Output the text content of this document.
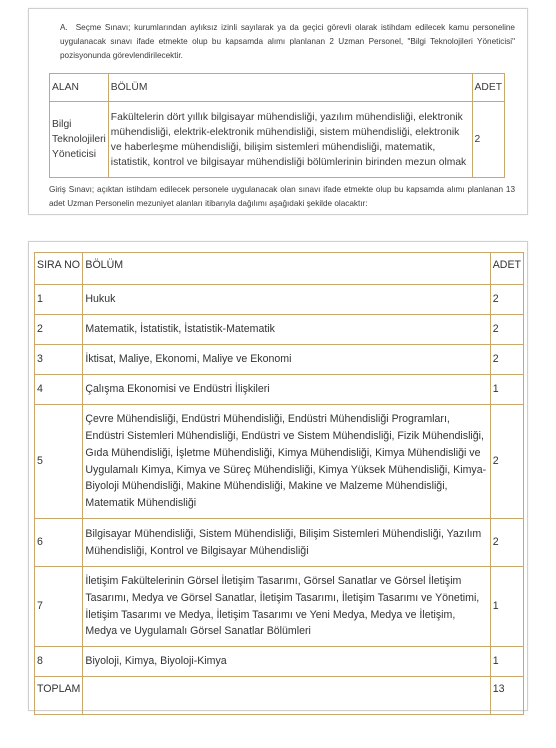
A. Seçme Sınavı; kurumlarından aylıksız izinli sayılarak ya da geçici görevli olarak istihdam edilecek kamu personeline uygulanacak sınavı ifade etmekte olup bu kapsamda alımı planlanan 2 Uzman Personel, "Bilgi Teknolojileri Yöneticisi" pozisyonunda görevlendirilecektir.

ALAN	BÖLÜM	ADET
Bilgi Teknolojileri Yöneticisi	Fakültelerin dört yıllık bilgisayar mühendisliği, yazılım mühendisliği, elektronik mühendisliği, elektrik-elektronik mühendisliği, sistem mühendisliği, elektronik ve haberleşme mühendisliği, bilişim sistemleri mühendisliği, matematik, istatistik, kontrol ve bilgisayar mühendisliği bölümlerinin birinden mezun olmak	2

Giriş Sınavı; açıktan istihdam edilecek personele uygulanacak olan sınavı ifade etmekte olup bu kapsamda alımı planlanan 13 adet Uzman Personelin mezuniyet alanları itibarıyla dağılımı aşağıdaki şekilde olacaktır:

SIRA NO	BÖLÜM	ADET
1	Hukuk	2
2	Matematik, İstatistik, İstatistik-Matematik	2
3	İktisat, Maliye, Ekonomi, Maliye ve Ekonomi	2
4	Çalışma Ekonomisi ve Endüstri İlişkileri	1
5	Çevre Mühendisliği, Endüstri Mühendisliği, Endüstri Mühendisliği Programları, Endüstri Sistemleri Mühendisliği, Endüstri ve Sistem Mühendisliği, Fizik Mühendisliği, Gıda Mühendisliği, İşletme Mühendisliği, Kimya Mühendisliği, Kimya Mühendisliği ve Uygulamalı Kimya, Kimya ve Süreç Mühendisliği, Kimya Yüksek Mühendisliği, Kimya-Biyoloji Mühendisliği, Makine Mühendisliği, Makine ve Malzeme Mühendisliği, Matematik Mühendisliği	2
6	Bilgisayar Mühendisliği, Sistem Mühendisliği, Bilişim Sistemleri Mühendisliği, Yazılım Mühendisliği, Kontrol ve Bilgisayar Mühendisliği	2
7	İletişim Fakültelerinin Görsel İletişim Tasarımı, Görsel Sanatlar ve Görsel İletişim Tasarımı, Medya ve Görsel Sanatlar, İletişim Tasarımı, İletişim Tasarımı ve Yönetimi, İletişim Tasarımı ve Medya, İletişim Tasarımı ve Yeni Medya, Medya ve İletişim, Medya ve Uygulamalı Görsel Sanatlar Bölümleri	1
8	Biyoloji, Kimya, Biyoloji-Kimya	1
TOPLAM		13
